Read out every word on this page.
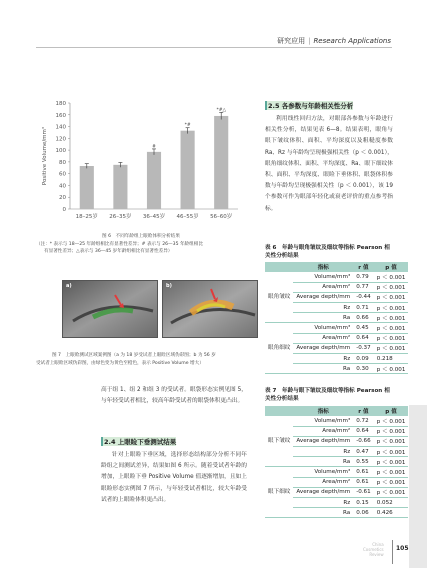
研究应用 | Research Applications
0
20
40
60
80
100
120
140
160
180
Positive Volume/mm³
18–25岁 26–35岁
#
36–45岁
*#
46–55岁
*#△
56–60岁
图 6　不同年龄组上眼睑体积分析结果
（注：* 表示与 18—25 年龄组相比有显著性差异；# 表示与 26—35 年龄组相比
有显著性差异；△表示与 36—45 岁年龄组相比有显著性差异）
a)	b)
图 7　上眼睑测试区域案例图（a 为 18 岁受试者上眼睑区域伪彩图；b 为 56 岁
受试者上眼睑区域伪彩图，由绿色变为黄色至橙色，表示 Positive Volume 增大）
高于组 1、组 2 和组 3 的受试者。眼袋形态实例见图 5，与年轻受试者相比，较高年龄受试者的眼袋体积更凸出。
2.4 上眼睑下垂测试结果
针对上眼睑下垂区域，选择形态结构部分分析不同年龄组之间测试差异，结果如图 6 所示。随着受试者年龄的增加，上眼睑下垂 Positive Volume 值逐渐增加，且如上眼睑形态实例图 7 所示，与年轻受试者相比，较大年龄受试者的上眼睑体积更凸出。
2.5 各参数与年龄相关性分析
利用线性回归方法，对眼部各参数与年龄进行相关性分析，结果见表 6—8。结果表明，眼角与眼下皱纹体积、面积、平均深度以及粗糙度参数 Ra、Rz 与年龄均呈现极强相关性（p ＜ 0.001），眼角细纹体积、面积、平均深度、Ra、眼下细纹体积、面积、平均深度、眼睑下垂体积、眼袋体积参数与年龄均呈现极强相关性（p ＜ 0.001），该 19 个参数可作为眼部年轻化或衰老评价的重点参考指标。
表 6　年龄与眼角皱纹及细纹等指标 Pearson 相关性分析结果
	指标	r 值	p 值
眼角皱纹	Volume/mm³	0.79	p ＜ 0.001
	Area/mm²	0.77	p ＜ 0.001
	Average depth/mm	-0.44	p ＜ 0.001
	Rz	0.71	p ＜ 0.001
	Ra	0.66	p ＜ 0.001
眼角细纹	Volume/mm³	0.45	p ＜ 0.001
	Area/mm²	0.64	p ＜ 0.001
	Average depth/mm	-0.37	p ＜ 0.001
	Rz	0.09	0.218
	Ra	0.30	p ＜ 0.001
表 7　年龄与眼下皱纹及细纹等指标 Pearson 相关性分析结果
	指标	r 值	p 值
眼下皱纹	Volume/mm³	0.72	p ＜ 0.001
	Area/mm²	0.64	p ＜ 0.001
	Average depth/mm	-0.66	p ＜ 0.001
	Rz	0.47	p ＜ 0.001
	Ra	0.55	p ＜ 0.001
眼下细纹	Volume/mm³	0.61	p ＜ 0.001
	Area/mm²	0.61	p ＜ 0.001
	Average depth/mm	-0.61	p ＜ 0.001
	Rz	0.15	0.052
	Ra	0.06	0.426
China
Cosmetics
Review
105
